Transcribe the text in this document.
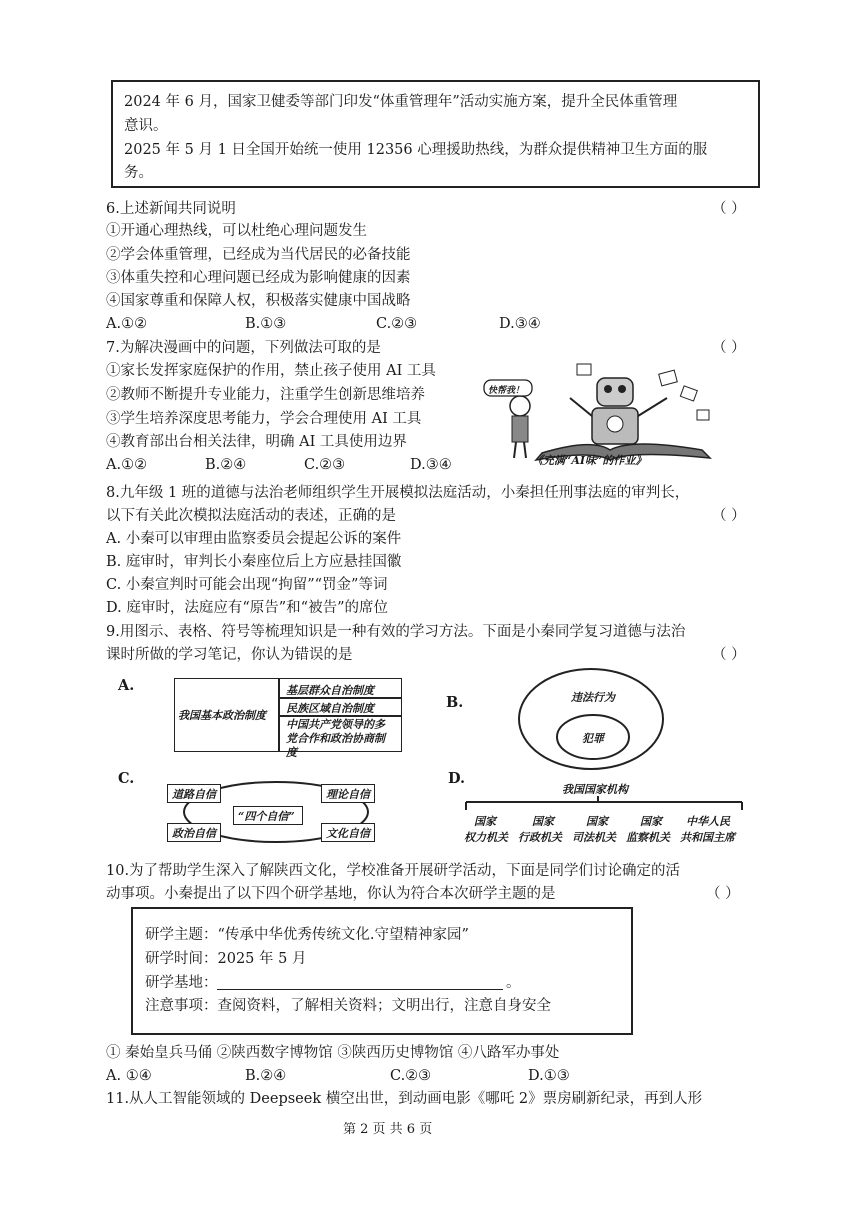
2024 年 6 月，国家卫健委等部门印发“体重管理年”活动实施方案，提升全民体重管理
意识。
2025 年 5 月 1 日全国开始统一使用 12356 心理援助热线，为群众提供精神卫生方面的服
务。
6.上述新闻共同说明	（ ）
①开通心理热线，可以杜绝心理问题发生
②学会体重管理，已经成为当代居民的必备技能
③体重失控和心理问题已经成为影响健康的因素
④国家尊重和保障人权，积极落实健康中国战略
A.①②	B.①③	C.②③	D.③④
7.为解决漫画中的问题，下列做法可取的是	（ ）
①家长发挥家庭保护的作用，禁止孩子使用 AI 工具
②教师不断提升专业能力，注重学生创新思维培养
③学生培养深度思考能力，学会合理使用 AI 工具
④教育部出台相关法律，明确 AI 工具使用边界
A.①②	B.②④	C.②③	D.③④
快帮我！
《充满“AI味”的作业》
8.九年级 1 班的道德与法治老师组织学生开展模拟法庭活动，小秦担任刑事法庭的审判长，
以下有关此次模拟法庭活动的表述，正确的是	（ ）
A. 小秦可以审理由监察委员会提起公诉的案件
B. 庭审时，审判长小秦座位后上方应悬挂国徽
C. 小秦宣判时可能会出现“拘留”“罚金”等词
D. 庭审时，法庭应有“原告”和“被告”的席位
9.用图示、表格、符号等梳理知识是一种有效的学习方法。下面是小秦同学复习道德与法治
课时所做的学习笔记，你认为错误的是	（ ）
A.
我国基本政治制度
基层群众自治制度
民族区域自治制度
中国共产党领导的多党合作和政治协商制度
B.	违法行为
犯罪
C.
道路自信	理论自信
政治自信	文化自信
“四个自信”
D.
我国国家机构
国家
权力机关
国家
行政机关
国家
司法机关
国家
监察机关
中华人民
共和国主席
10.为了帮助学生深入了解陕西文化，学校准备开展研学活动，下面是同学们讨论确定的活
动事项。小秦提出了以下四个研学基地，你认为符合本次研学主题的是	（ ）
研学主题：“传承中华优秀传统文化.守望精神家园”
研学时间：2025 年 5 月
研学基地：	。
注意事项：查阅资料，了解相关资料；文明出行，注意自身安全
① 秦始皇兵马俑 ②陕西数字博物馆 ③陕西历史博物馆 ④八路军办事处
A. ①④	B.②④	C.②③	D.①③
11.从人工智能领域的 Deepseek 横空出世，到动画电影《哪吒 2》票房刷新纪录，再到人形
第 2 页 共 6 页
